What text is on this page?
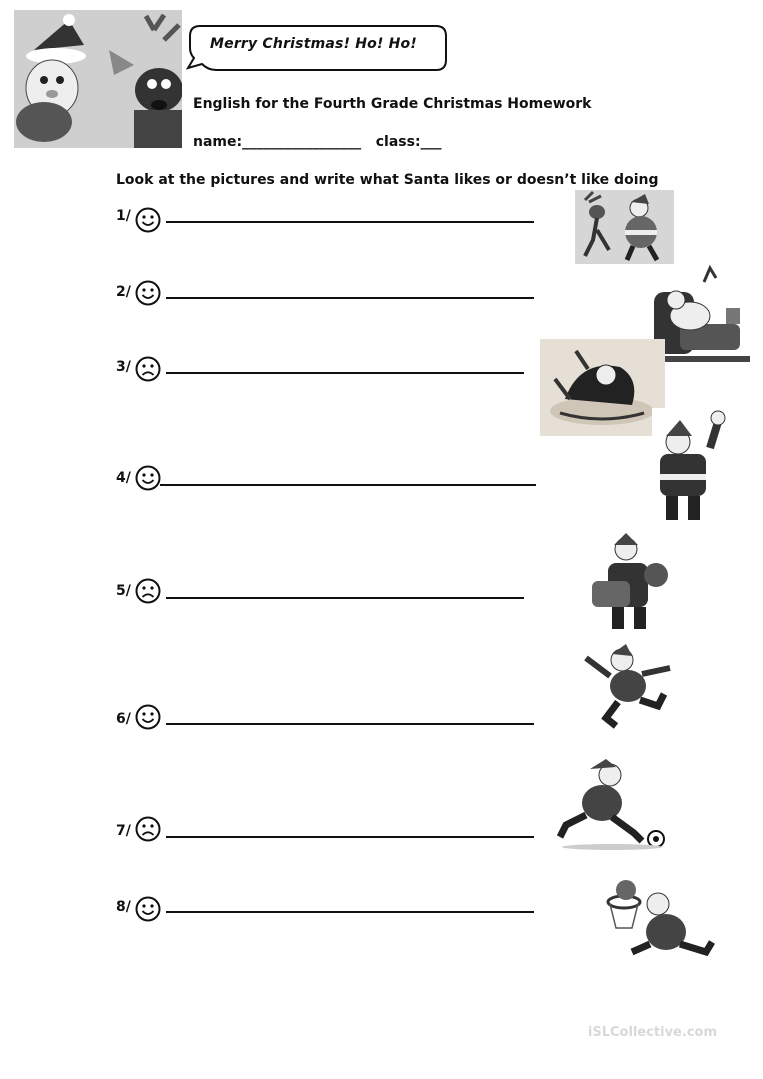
Merry Christmas! Ho! Ho!
English for the Fourth Grade Christmas Homework
name:_________________ class:___
Look at the pictures and write what Santa likes or doesn’t like doing
1/
2/
3/
4/
5/
6/
7/
8/
iSLCollective.com
